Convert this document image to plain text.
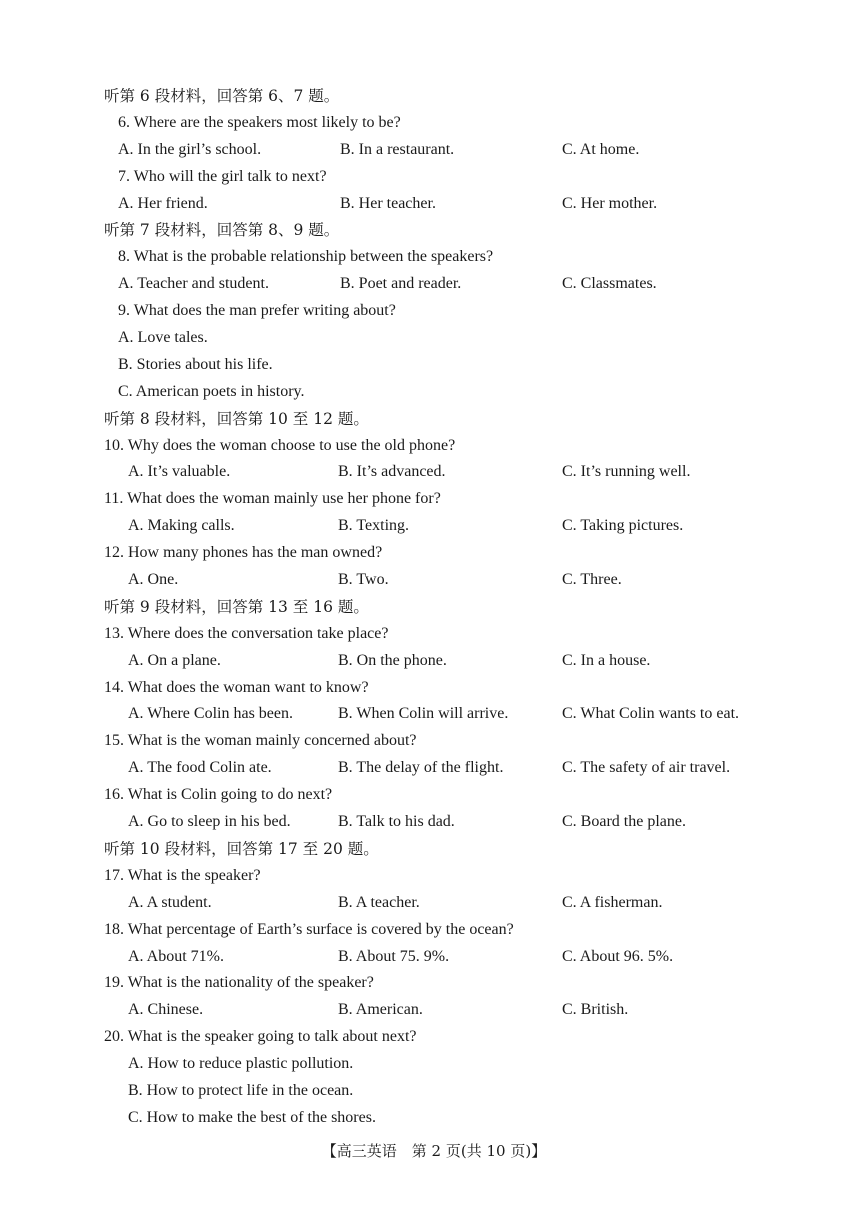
听第 6 段材料，回答第 6、7 题。
6. Where are the speakers most likely to be?
A. In the girl’s school.	B. In a restaurant.	C. At home.
7. Who will the girl talk to next?
A. Her friend.	B. Her teacher.	C. Her mother.
听第 7 段材料，回答第 8、9 题。
8. What is the probable relationship between the speakers?
A. Teacher and student.	B. Poet and reader.	C. Classmates.
9. What does the man prefer writing about?
A. Love tales.
B. Stories about his life.
C. American poets in history.
听第 8 段材料，回答第 10 至 12 题。
10. Why does the woman choose to use the old phone?
A. It’s valuable.	B. It’s advanced.	C. It’s running well.
11. What does the woman mainly use her phone for?
A. Making calls.	B. Texting.	C. Taking pictures.
12. How many phones has the man owned?
A. One.	B. Two.	C. Three.
听第 9 段材料，回答第 13 至 16 题。
13. Where does the conversation take place?
A. On a plane.	B. On the phone.	C. In a house.
14. What does the woman want to know?
A. Where Colin has been.	B. When Colin will arrive.	C. What Colin wants to eat.
15. What is the woman mainly concerned about?
A. The food Colin ate.	B. The delay of the flight.	C. The safety of air travel.
16. What is Colin going to do next?
A. Go to sleep in his bed.	B. Talk to his dad.	C. Board the plane.
听第 10 段材料，回答第 17 至 20 题。
17. What is the speaker?
A. A student.	B. A teacher.	C. A fisherman.
18. What percentage of Earth’s surface is covered by the ocean?
A. About 71%.	B. About 75. 9%.	C. About 96. 5%.
19. What is the nationality of the speaker?
A. Chinese.	B. American.	C. British.
20. What is the speaker going to talk about next?
A. How to reduce plastic pollution.
B. How to protect life in the ocean.
C. How to make the best of the shores.
【高三英语　第 2 页(共 10 页)】
